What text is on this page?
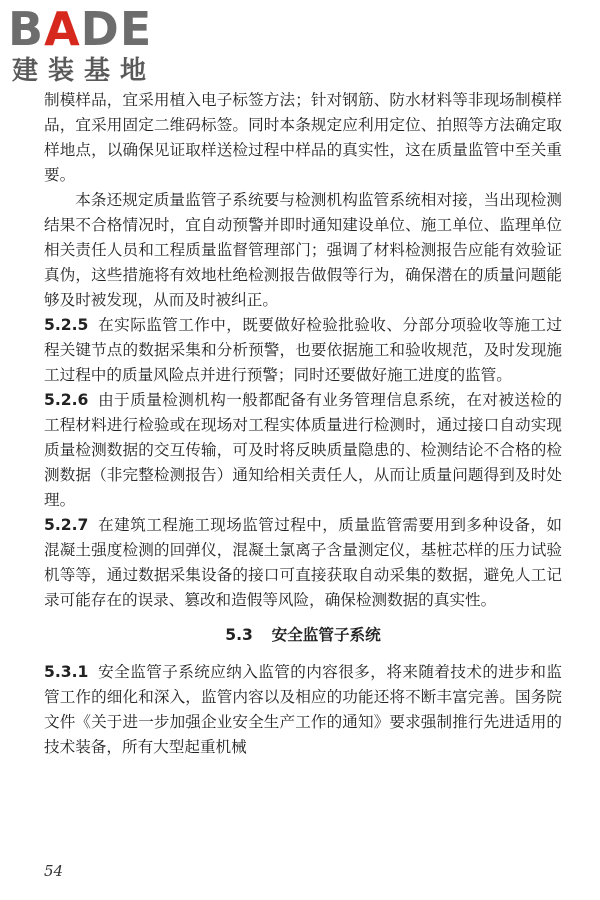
BADE
建装基地

制模样品，宜采用植入电子标签方法；针对钢筋、防水材料等非现场制模样品，宜采用固定二维码标签。同时本条规定应利用定位、拍照等方法确定取样地点，以确保见证取样送检过程中样品的真实性，这在质量监管中至关重要。

本条还规定质量监管子系统要与检测机构监管系统相对接，当出现检测结果不合格情况时，宜自动预警并即时通知建设单位、施工单位、监理单位相关责任人员和工程质量监督管理部门；强调了材料检测报告应能有效验证真伪，这些措施将有效地杜绝检测报告做假等行为，确保潜在的质量问题能够及时被发现，从而及时被纠正。

5.2.5 在实际监管工作中，既要做好检验批验收、分部分项验收等施工过程关键节点的数据采集和分析预警，也要依据施工和验收规范，及时发现施工过程中的质量风险点并进行预警；同时还要做好施工进度的监管。

5.2.6 由于质量检测机构一般都配备有业务管理信息系统，在对被送检的工程材料进行检验或在现场对工程实体质量进行检测时，通过接口自动实现质量检测数据的交互传输，可及时将反映质量隐患的、检测结论不合格的检测数据（非完整检测报告）通知给相关责任人，从而让质量问题得到及时处理。

5.2.7 在建筑工程施工现场监管过程中，质量监管需要用到多种设备，如混凝土强度检测的回弹仪，混凝土氯离子含量测定仪，基桩芯样的压力试验机等等，通过数据采集设备的接口可直接获取自动采集的数据，避免人工记录可能存在的误录、篡改和造假等风险，确保检测数据的真实性。

5.3 安全监管子系统

5.3.1 安全监管子系统应纳入监管的内容很多，将来随着技术的进步和监管工作的细化和深入，监管内容以及相应的功能还将不断丰富完善。国务院文件《关于进一步加强企业安全生产工作的通知》要求强制推行先进适用的技术装备，所有大型起重机械

54
